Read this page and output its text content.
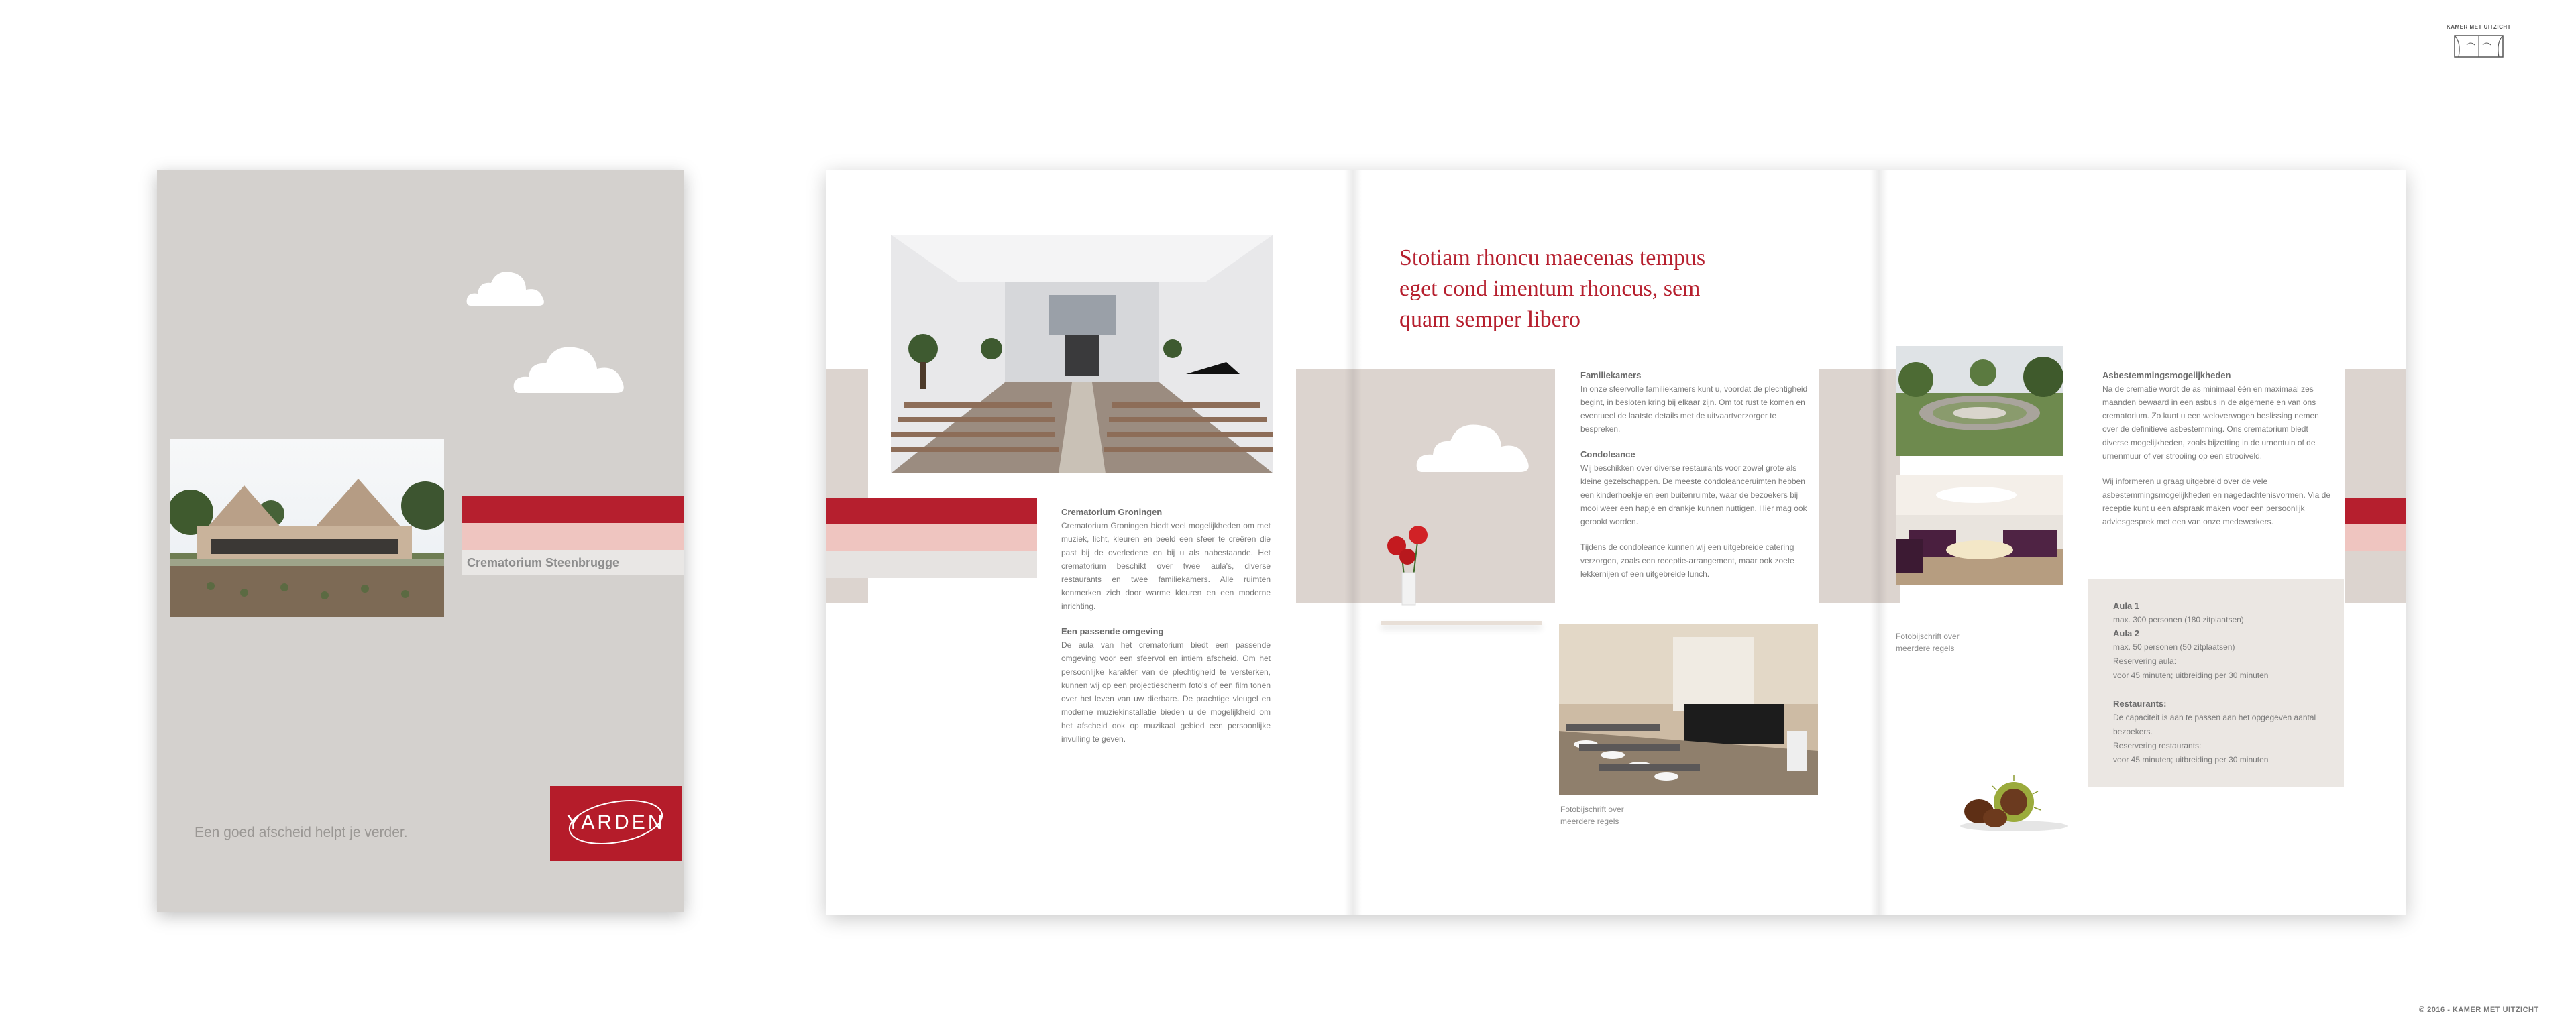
KAMER MET UITZICHT
Crematorium Steenbrugge
Een goed afscheid helpt je verder.	YARDEN
Crematorium Groningen

Crematorium Groningen biedt veel mogelijkheden om met muziek, licht, kleuren en beeld een sfeer te creëren die past bij de overledene en bij u als nabestaande. Het crematorium beschikt over twee aula's, diverse restaurants en twee familiekamers. Alle ruimten kenmerken zich door warme kleuren en een moderne inrichting.

Een passende omgeving

De aula van het crematorium biedt een passende omgeving voor een sfeervol en intiem afscheid. Om het persoonlijke karakter van de plechtigheid te versterken, kunnen wij op een projectiescherm foto's of een film tonen over het leven van uw dierbare. De prachtige vleugel en moderne muziekinstallatie bieden u de mogelijkheid om het afscheid ook op muzikaal gebied een persoonlijke invulling te geven.

Stotiam rhoncu maecenas tempus eget cond imentum rhoncus, sem quam semper libero
Familiekamers

In onze sfeervolle familiekamers kunt u, voordat de plechtigheid begint, in besloten kring bij elkaar zijn. Om tot rust te komen en eventueel de laatste details met de uitvaartverzorger te bespreken.

Condoleance

Wij beschikken over diverse restaurants voor zowel grote als kleine gezelschappen. De meeste condoleanceruimten hebben een kinderhoekje en een buitenruimte, waar de bezoekers bij mooi weer een hapje en drankje kunnen nuttigen. Hier mag ook gerookt worden.

Tijdens de condoleance kunnen wij een uitgebreide catering verzorgen, zoals een receptie-arrangement, maar ook zoete lekkernijen of een uitgebreide lunch.

Fotobijschrift over meerdere regels
Fotobijschrift over meerdere regels
Asbestemmingsmogelijkheden

Na de crematie wordt de as minimaal één en maximaal zes maanden bewaard in een asbus in de algemene en van ons crematorium. Zo kunt u een weloverwogen beslissing nemen over de definitieve asbestemming. Ons crematorium biedt diverse mogelijkheden, zoals bijzetting in de urnentuin of de urnenmuur of ver strooiing op een strooiveld.

Wij informeren u graag uitgebreid over de vele asbestemmingsmogelijkheden en nagedachtenisvormen. Via de receptie kunt u een afspraak maken voor een persoonlijk adviesgesprek met een van onze medewerkers.

Aula 1
max. 300 personen (180 zitplaatsen)
Aula 2
max. 50 personen (50 zitplaatsen)
Reservering aula:
voor 45 minuten; uitbreiding per 30 minuten
Restaurants:
De capaciteit is aan te passen aan het opgegeven aantal bezoekers.
Reservering restaurants:
voor 45 minuten; uitbreiding per 30 minuten
© 2016 - KAMER MET UITZICHT
